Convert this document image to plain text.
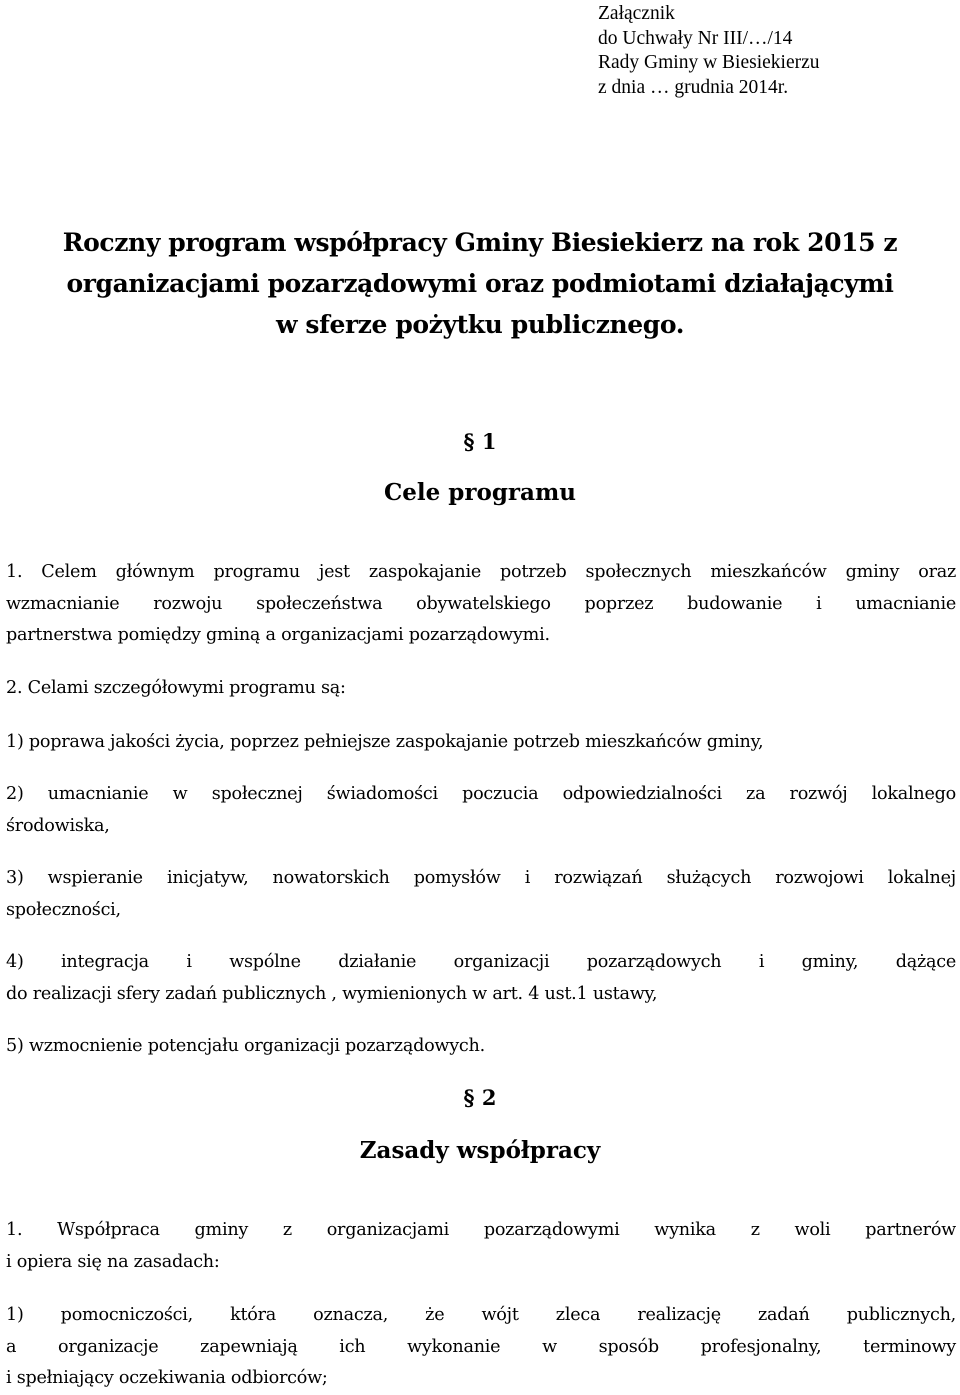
Załącznik
do Uchwały Nr III/…/14
Rady Gminy w Biesiekierzu
z dnia … grudnia 2014r.
Roczny program współpracy Gminy Biesiekierz na rok 2015 z
organizacjami pozarządowymi oraz podmiotami działającymi
w sferze pożytku publicznego.
§ 1
Cele programu
1. Celem głównym programu jest zaspokajanie potrzeb społecznych mieszkańców gminy oraz
wzmacnianie rozwoju społeczeństwa obywatelskiego poprzez budowanie i umacnianie
partnerstwa pomiędzy gminą a organizacjami pozarządowymi.
2. Celami szczegółowymi programu są:
1) poprawa jakości życia, poprzez pełniejsze zaspokajanie potrzeb mieszkańców gminy,
2) umacnianie w społecznej świadomości poczucia odpowiedzialności za rozwój lokalnego
środowiska,
3) wspieranie inicjatyw, nowatorskich pomysłów i rozwiązań służących rozwojowi lokalnej
społeczności,
4) integracja i wspólne działanie organizacji pozarządowych i gminy, dążące
do realizacji sfery zadań publicznych , wymienionych w art. 4 ust.1 ustawy,
5) wzmocnienie potencjału organizacji pozarządowych.
§ 2
Zasady współpracy
1. Współpraca gminy z organizacjami pozarządowymi wynika z woli partnerów
i opiera się na zasadach:
1) pomocniczości, która oznacza, że wójt zleca realizację zadań publicznych,
a organizacje zapewniają ich wykonanie w sposób profesjonalny, terminowy
i spełniający oczekiwania odbiorców;
